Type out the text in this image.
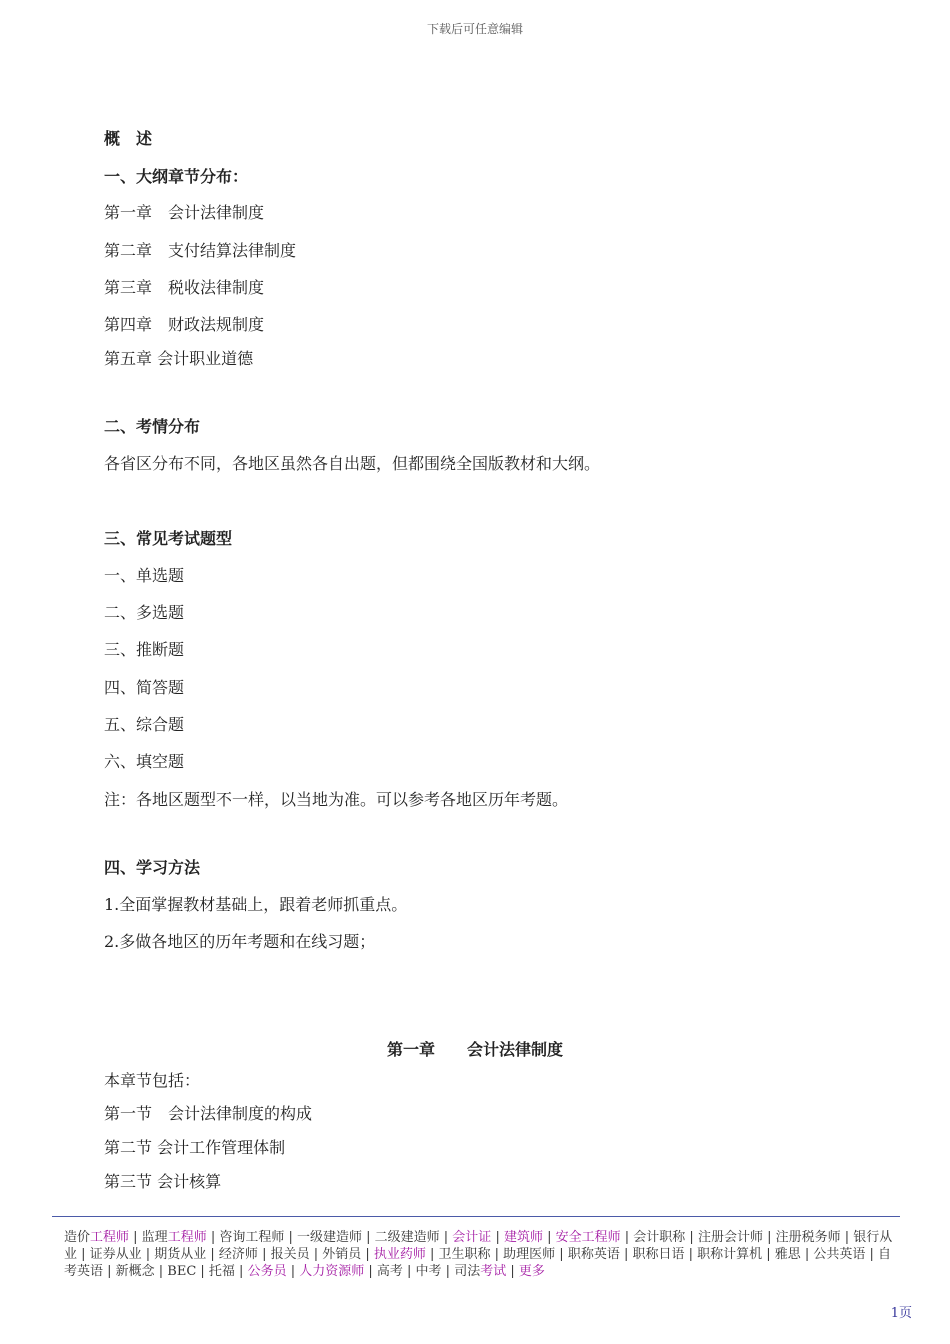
下载后可任意编辑
概　述
一、大纲章节分布：
第一章　会计法律制度
第二章　支付结算法律制度
第三章　税收法律制度
第四章　财政法规制度
第五章 会计职业道德
二、考情分布
各省区分布不同，各地区虽然各自出题，但都围绕全国版教材和大纲。
三、常见考试题型
一、单选题
二、多选题
三、推断题
四、简答题
五、综合题
六、填空题
注：各地区题型不一样，以当地为准。可以参考各地区历年考题。
四、学习方法
1.全面掌握教材基础上，跟着老师抓重点。
2.多做各地区的历年考题和在线习题；
第一章　　会计法律制度
本章节包括：
第一节　会计法律制度的构成
第二节 会计工作管理体制
第三节 会计核算
造价工程师 | 监理工程师 | 咨询工程师 | 一级建造师 | 二级建造师 | 会计证 | 建筑师 | 安全工程师 | 会计职称 | 注册会计师 | 注册税务师 | 银行从业 | 证券从业 | 期货从业 | 经济师 | 报关员 | 外销员 | 执业药师 | 卫生职称 | 助理医师 | 职称英语 | 职称日语 | 职称计算机 | 雅思 | 公共英语 | 自考英语 | 新概念 | BEC | 托福 | 公务员 | 人力资源师 | 高考 | 中考 | 司法考试 | 更多
1页
